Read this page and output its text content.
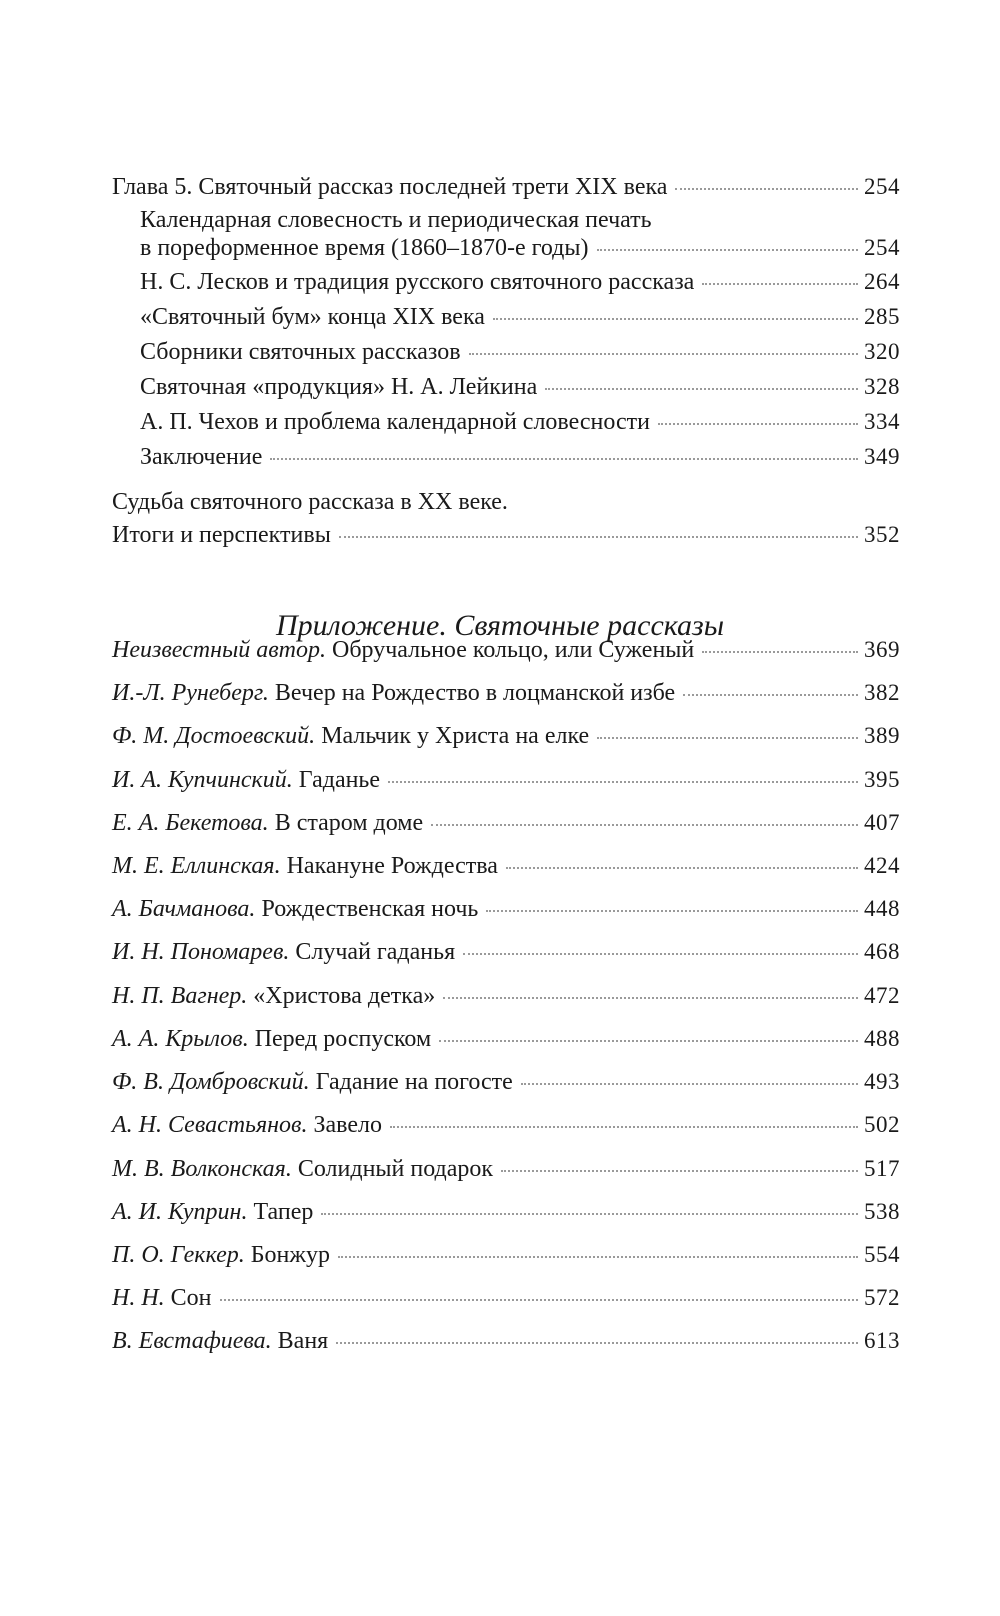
Глава 5. Святочный рассказ последней трети XIX века	254
Календарная словесность и периодическая печать
в пореформенное время (1860–1870-е годы)	254
Н. С. Лесков и традиция русского святочного рассказа	264
«Святочный бум» конца XIX века	285
Сборники святочных рассказов	320
Святочная «продукция» Н. А. Лейкина	328
А. П. Чехов и проблема календарной словесности	334
Заключение	349
Судьба святочного рассказа в XX веке.
Итоги и перспективы	352
Приложение. Святочные рассказы
Неизвестный автор. Обручальное кольцо, или Суженый	369
И.-Л. Рунеберг. Вечер на Рождество в лоцманской избе	382
Ф. М. Достоевский. Мальчик у Христа на елке	389
И. А. Купчинский. Гаданье	395
Е. А. Бекетова. В старом доме	407
М. Е. Еллинская. Накануне Рождества	424
А. Бачманова. Рождественская ночь	448
И. Н. Пономарев. Случай гаданья	468
Н. П. Вагнер. «Христова детка»	472
А. А. Крылов. Перед роспуском	488
Ф. В. Домбровский. Гадание на погосте	493
А. Н. Севастьянов. Завело	502
М. В. Волконская. Солидный подарок	517
А. И. Куприн. Тапер	538
П. О. Геккер. Бонжур	554
Н. Н. Сон	572
В. Евстафиева. Ваня	613
